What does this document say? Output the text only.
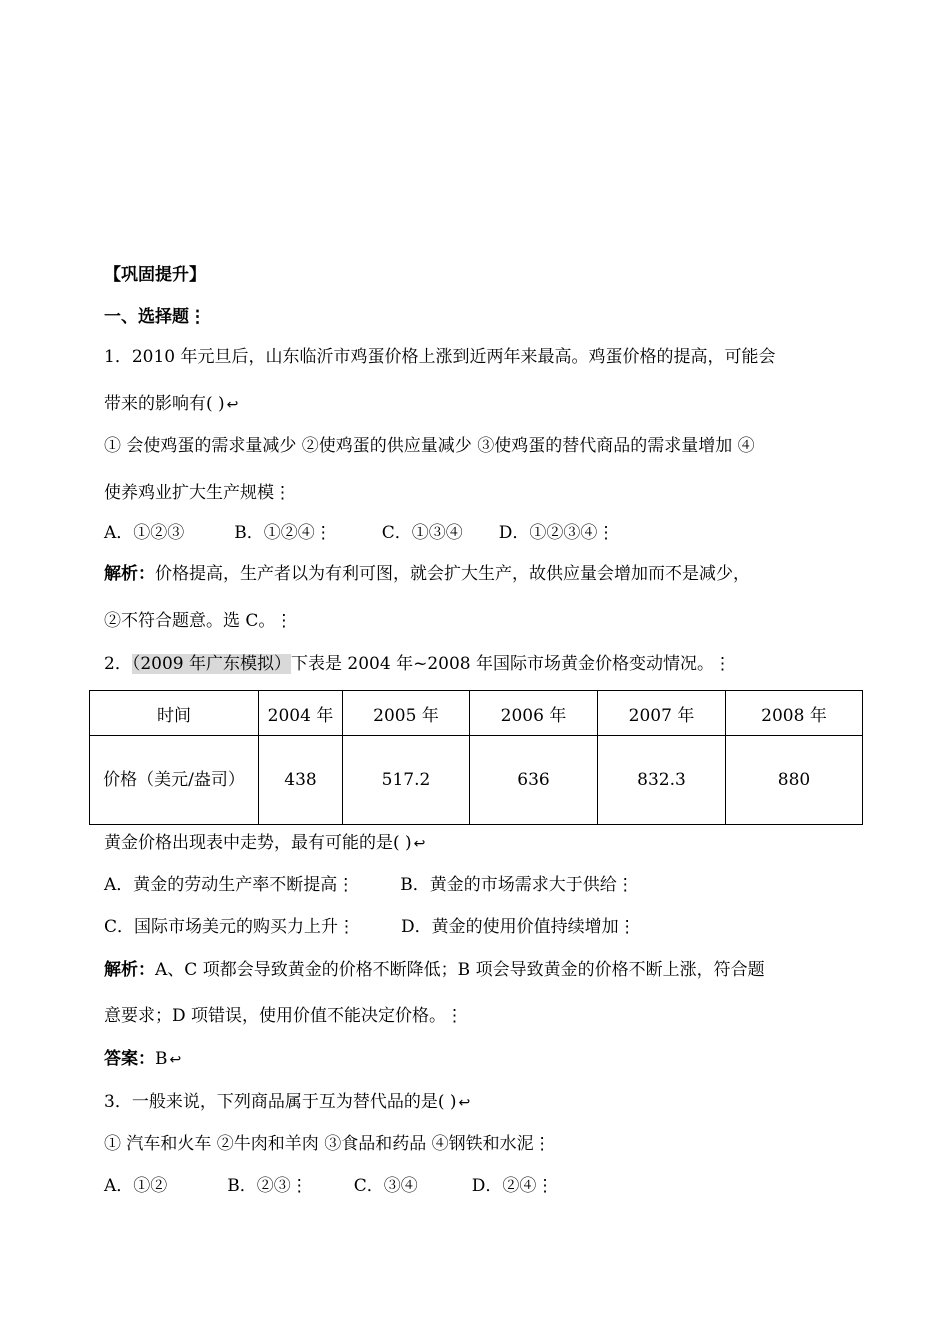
【巩固提升】
一、选择题⋮
1．2010 年元旦后，山东临沂市鸡蛋价格上涨到近两年来最高。鸡蛋价格的提高，可能会
带来的影响有( ) ↩
① 会使鸡蛋的需求量减少 ②使鸡蛋的供应量减少 ③使鸡蛋的替代商品的需求量增加 ④
使养鸡业扩大生产规模⋮
A．①②③	B．①②④⋮	C．①③④ D．①②③④⋮
解析：价格提高，生产者以为有利可图，就会扩大生产，故供应量会增加而不是减少，
②不符合题意。选 C。⋮
2．（2009 年广东模拟）下表是 2004 年~2008 年国际市场黄金价格变动情况。⋮
时间	2004 年	2005 年	2006 年	2007 年	2008 年
价格（美元/盎司）	438	517.2	636	832.3	880
黄金价格出现表中走势，最有可能的是( ) ↩
A．黄金的劳动生产率不断提高⋮	B．黄金的市场需求大于供给⋮
C．国际市场美元的购买力上升⋮	D．黄金的使用价值持续增加⋮
解析：A、C 项都会导致黄金的价格不断降低；B 项会导致黄金的价格不断上涨，符合题
意要求；D 项错误，使用价值不能决定价格。⋮
答案：B ↩
3．一般来说，下列商品属于互为替代品的是( ) ↩
① 汽车和火车 ②牛肉和羊肉 ③食品和药品 ④钢铁和水泥⋮
A．①②	B．②③⋮	C．③④	D．②④⋮
